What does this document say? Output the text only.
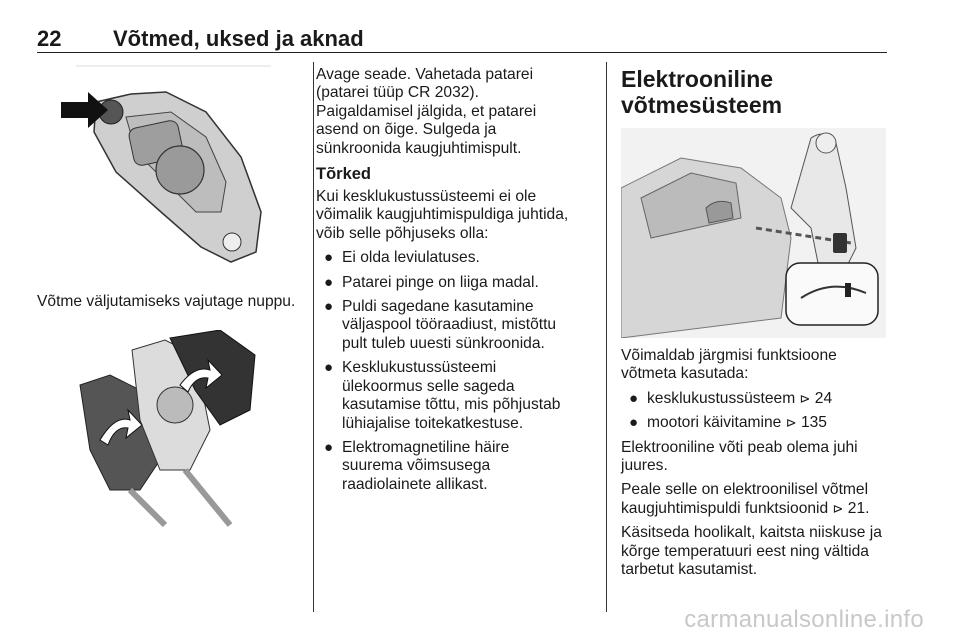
22 Võtmed, uksed ja aknad
Võtme väljutamiseks vajutage nuppu.

Avage seade. Vahetada patarei
(patarei tüüp CR 2032).
Paigaldamisel jälgida, et patarei
asend on õige. Sulgeda ja
sünkroonida kaugjuhtimispult.

Tõrked

Kui kesklukustussüsteemi ei ole
võimalik kaugjuhtimispuldiga juhtida,
võib selle põhjuseks olla:

● Ei olda leviulatuses.
● Patarei pinge on liiga madal.
● Puldi sagedane kasutamine
väljaspool tööraadiust, mistõttu
pult tuleb uuesti sünkroonida.
● Kesklukustussüsteemi
ülekoormus selle sageda
kasutamise tõttu, mis põhjustab
lühiajalise toitekatkestuse.
● Elektromagnetiline häire
suurema võimsusega
raadiolainete allikast.
Elektrooniline
võtmesüsteem

Võimaldab järgmisi funktsioone
võtmeta kasutada:

● kesklukustussüsteem ⊳ 24
● mootori käivitamine ⊳ 135

Elektrooniline võti peab olema juhi
juures.

Peale selle on elektroonilisel võtmel
kaugjuhtimispuldi funktsioonid ⊳ 21.

Käsitseda hoolikalt, kaitsta niiskuse ja
kõrge temperatuuri eest ning vältida
tarbetut kasutamist.

carmanualsonline.info
